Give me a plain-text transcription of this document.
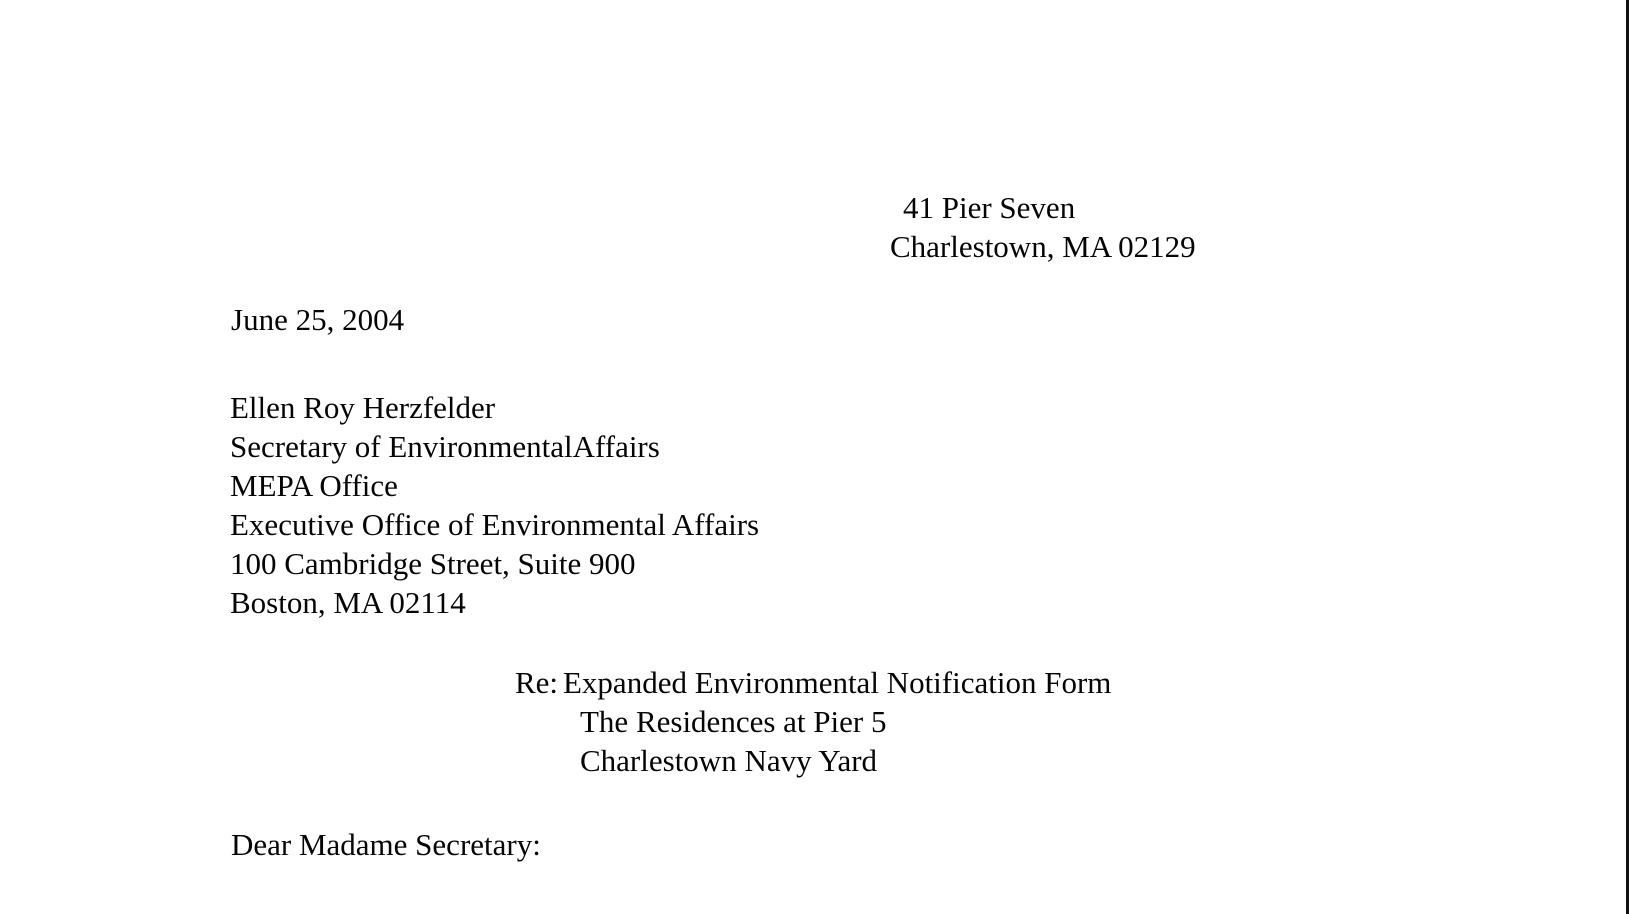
41 Pier Seven
Charlestown, MA 02129
June 25, 2004
Ellen Roy Herzfelder
Secretary of EnvironmentalAffairs
MEPA Office
Executive Office of Environmental Affairs
100 Cambridge Street, Suite 900
Boston, MA 02114
Re: Expanded Environmental Notification Form
The Residences at Pier 5
Charlestown Navy Yard
Dear Madame Secretary:
